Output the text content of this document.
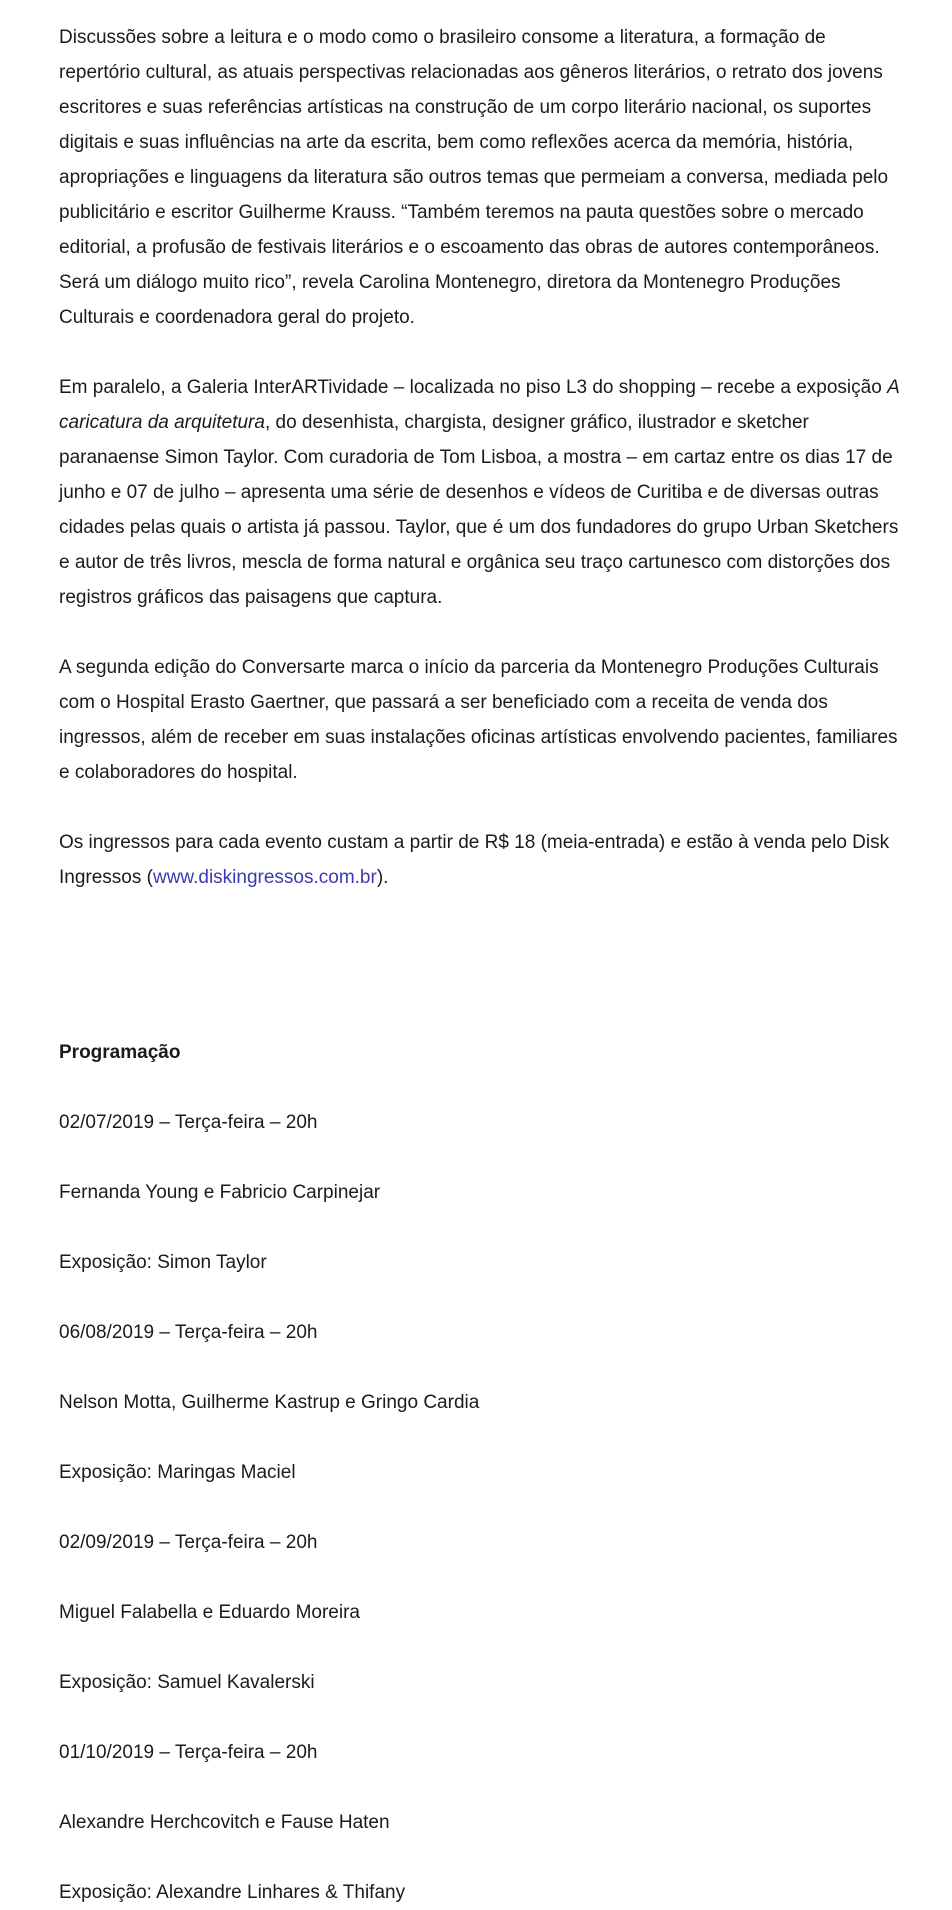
Discussões sobre a leitura e o modo como o brasileiro consome a literatura, a formação de repertório cultural, as atuais perspectivas relacionadas aos gêneros literários, o retrato dos jovens escritores e suas referências artísticas na construção de um corpo literário nacional, os suportes digitais e suas influências na arte da escrita, bem como reflexões acerca da memória, história, apropriações e linguagens da literatura são outros temas que permeiam a conversa, mediada pelo publicitário e escritor Guilherme Krauss. “Também teremos na pauta questões sobre o mercado editorial, a profusão de festivais literários e o escoamento das obras de autores contemporâneos. Será um diálogo muito rico”, revela Carolina Montenegro, diretora da Montenegro Produções Culturais e coordenadora geral do projeto.

Em paralelo, a Galeria InterARTividade – localizada no piso L3 do shopping – recebe a exposição A caricatura da arquitetura, do desenhista, chargista, designer gráfico, ilustrador e sketcher paranaense Simon Taylor. Com curadoria de Tom Lisboa, a mostra – em cartaz entre os dias 17 de junho e 07 de julho – apresenta uma série de desenhos e vídeos de Curitiba e de diversas outras cidades pelas quais o artista já passou. Taylor, que é um dos fundadores do grupo Urban Sketchers e autor de três livros, mescla de forma natural e orgânica seu traço cartunesco com distorções dos registros gráficos das paisagens que captura.

A segunda edição do Conversarte marca o início da parceria da Montenegro Produções Culturais com o Hospital Erasto Gaertner, que passará a ser beneficiado com a receita de venda dos ingressos, além de receber em suas instalações oficinas artísticas envolvendo pacientes, familiares e colaboradores do hospital.

Os ingressos para cada evento custam a partir de R$ 18 (meia-entrada) e estão à venda pelo Disk Ingressos (www.diskingressos.com.br).

Programação

02/07/2019 – Terça-feira – 20h

Fernanda Young e Fabricio Carpinejar

Exposição: Simon Taylor

06/08/2019 – Terça-feira – 20h

Nelson Motta, Guilherme Kastrup e Gringo Cardia

Exposição: Maringas Maciel

02/09/2019 – Terça-feira – 20h

Miguel Falabella e Eduardo Moreira

Exposição: Samuel Kavalerski

01/10/2019 – Terça-feira – 20h

Alexandre Herchcovitch e Fause Haten

Exposição: Alexandre Linhares & Thifany
